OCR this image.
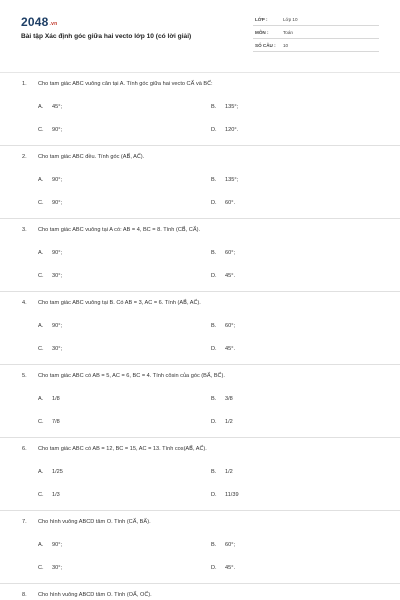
2048.vn
Bài tập Xác định góc giữa hai vecto lớp 10 (có lời giải)
LỚP :	Lớp 10
MÔN :	Toán
SỐ CÂU : 10
1. Cho tam giác ABC vuông cân tại A. Tính góc giữa hai vecto CA⃗ và BC⃗:
A. 45°;	B. 135°;
C. 90°;	D. 120°.
2. Cho tam giác ABC đều. Tính góc (AB⃗, AC⃗).
A. 90°;	B. 135°;
C. 90°;	D. 60°.
3. Cho tam giác ABC vuông tại A có: AB = 4, BC = 8. Tính (CB⃗, CA⃗).
A. 90°;	B. 60°;
C. 30°;	D. 45°.
4. Cho tam giác ABC vuông tại B. Có AB = 3, AC = 6. Tính (AB⃗, AC⃗).
A. 90°;	B. 60°;
C. 30°;	D. 45°.
5. Cho tam giác ABC có AB = 5, AC = 6, BC = 4. Tính côsin của góc (BA⃗, BC⃗).
A. 1/8	B. 3/8
C. 7/8	D. 1/2
6. Cho tam giác ABC có AB = 12, BC = 15, AC = 13. Tính cos(AB⃗, AC⃗).
A. 1/25	B. 1/2
C. 1/3	D. 11/39
7. Cho hình vuông ABCD tâm O. Tính (CA⃗, BA⃗).
A. 90°;	B. 60°;
C. 30°;	D. 45°.
8. Cho hình vuông ABCD tâm O. Tính (OA⃗, OC⃗).
